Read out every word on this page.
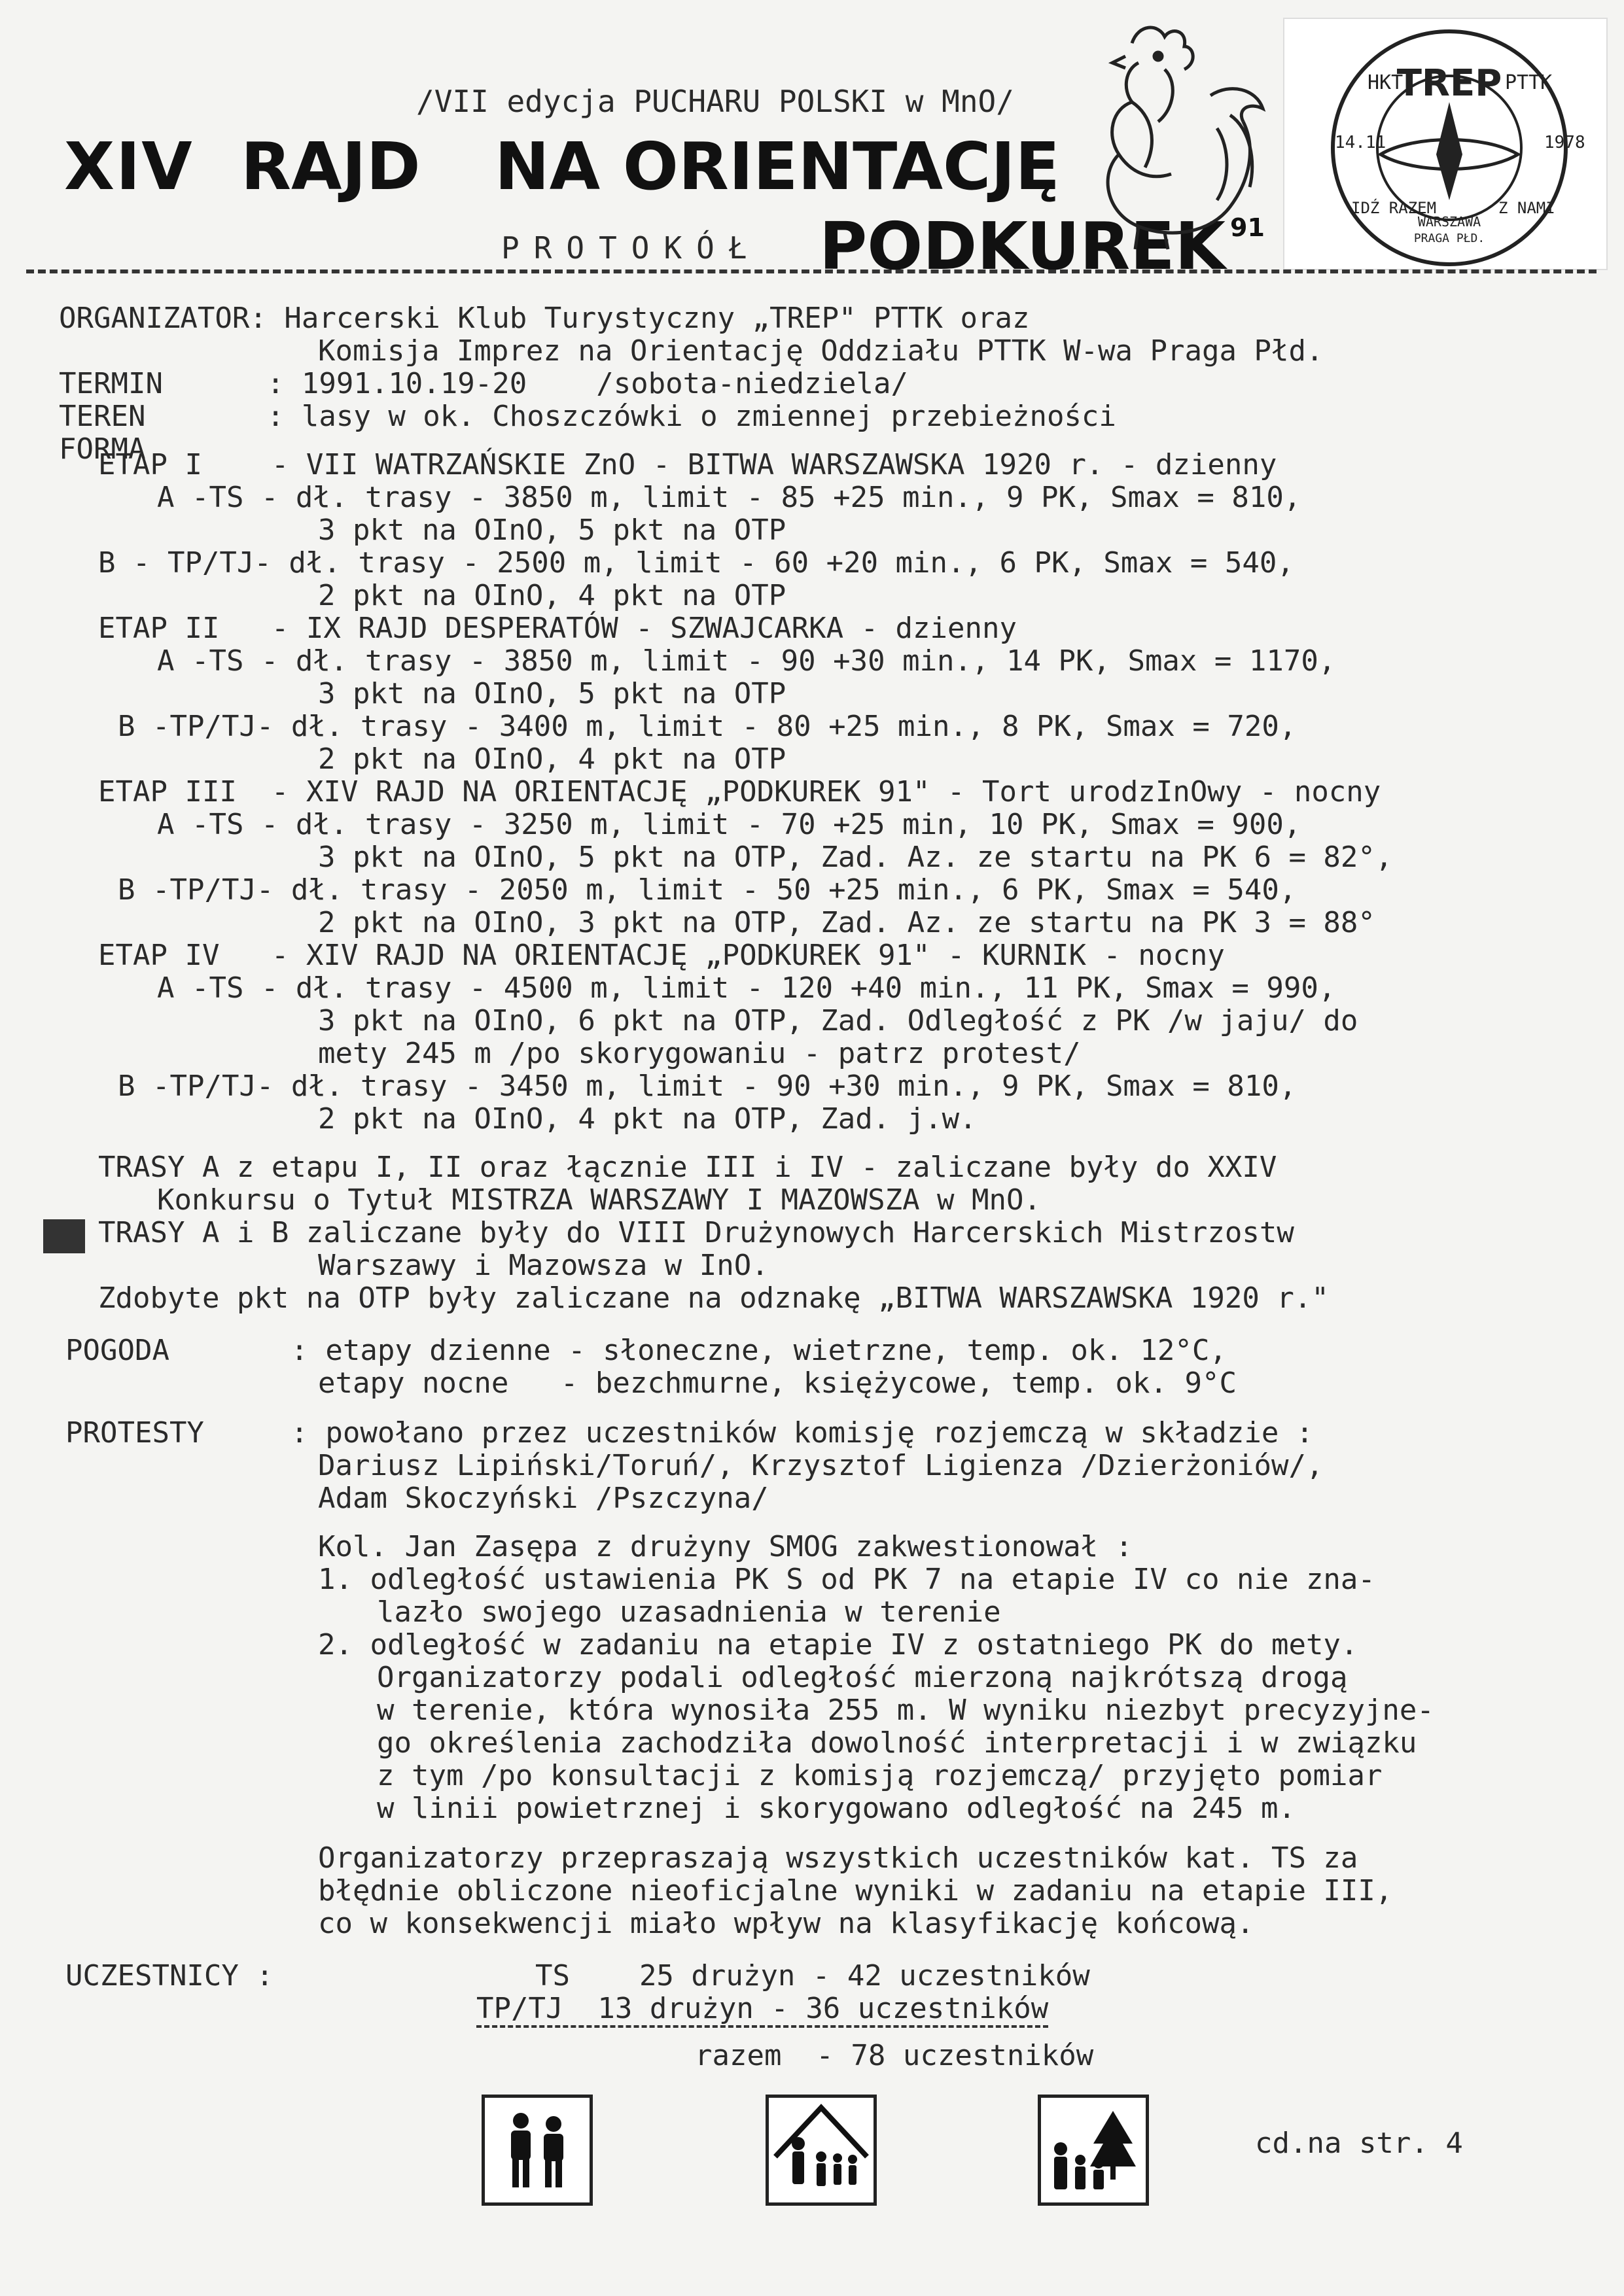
/VII edycja PUCHARU POLSKI w MnO/
XIV RAJD NA ORIENTACJĘ
PROTOKÓŁ PODKUREK 91
TREP
HKT	PTTK
14.11	1978
IDŹ RAZEM	Z NAMI
WARSZAWA
PRAGA PŁD.
ORGANIZATOR: Harcerski Klub Turystyczny „TREP" PTTK oraz
Komisja Imprez na Orientację Oddziału PTTK W-wa Praga Płd.
TERMIN      : 1991.10.19-20    /sobota-niedziela/
TEREN       : lasy w ok. Choszczówki o zmiennej przebieżności
FORMA
ETAP I    - VII WATRZAŃSKIE ZnO - BITWA WARSZAWSKA 1920 r. - dzienny
A -TS - dł. trasy - 3850 m, limit - 85 +25 min., 9 PK, Smax = 810,
3 pkt na OInO, 5 pkt na OTP
B - TP/TJ- dł. trasy - 2500 m, limit - 60 +20 min., 6 PK, Smax = 540,
2 pkt na OInO, 4 pkt na OTP
ETAP II   - IX RAJD DESPERATÓW - SZWAJCARKA - dzienny
A -TS - dł. trasy - 3850 m, limit - 90 +30 min., 14 PK, Smax = 1170,
3 pkt na OInO, 5 pkt na OTP
B -TP/TJ- dł. trasy - 3400 m, limit - 80 +25 min., 8 PK, Smax = 720,
2 pkt na OInO, 4 pkt na OTP
ETAP III  - XIV RAJD NA ORIENTACJĘ „PODKUREK 91" - Tort urodzInOwy - nocny
A -TS - dł. trasy - 3250 m, limit - 70 +25 min, 10 PK, Smax = 900,
3 pkt na OInO, 5 pkt na OTP, Zad. Az. ze startu na PK 6 = 82°,
B -TP/TJ- dł. trasy - 2050 m, limit - 50 +25 min., 6 PK, Smax = 540,
2 pkt na OInO, 3 pkt na OTP, Zad. Az. ze startu na PK 3 = 88°
ETAP IV   - XIV RAJD NA ORIENTACJĘ „PODKUREK 91" - KURNIK - nocny
A -TS - dł. trasy - 4500 m, limit - 120 +40 min., 11 PK, Smax = 990,
3 pkt na OInO, 6 pkt na OTP, Zad. Odległość z PK /w jaju/ do
mety 245 m /po skorygowaniu - patrz protest/
B -TP/TJ- dł. trasy - 3450 m, limit - 90 +30 min., 9 PK, Smax = 810,
2 pkt na OInO, 4 pkt na OTP, Zad. j.w.
TRASY A z etapu I, II oraz łącznie III i IV - zaliczane były do XXIV
Konkursu o Tytuł MISTRZA WARSZAWY I MAZOWSZA w MnO.
TRASY A i B zaliczane były do VIII Drużynowych Harcerskich Mistrzostw
Warszawy i Mazowsza w InO.
Zdobyte pkt na OTP były zaliczane na odznakę „BITWA WARSZAWSKA 1920 r."
POGODA       : etapy dzienne - słoneczne, wietrzne, temp. ok. 12°C,
etapy nocne   - bezchmurne, księżycowe, temp. ok. 9°C
PROTESTY     : powołano przez uczestników komisję rozjemczą w składzie :
Dariusz Lipiński/Toruń/, Krzysztof Ligienza /Dzierżoniów/,
Adam Skoczyński /Pszczyna/
Kol. Jan Zasępa z drużyny SMOG zakwestionował :
1. odległość ustawienia PK S od PK 7 na etapie IV co nie zna-
lazło swojego uzasadnienia w terenie
2. odległość w zadaniu na etapie IV z ostatniego PK do mety.
Organizatorzy podali odległość mierzoną najkrótszą drogą
w terenie, która wynosiła 255 m. W wyniku niezbyt precyzyjne-
go określenia zachodziła dowolność interpretacji i w związku
z tym /po konsultacji z komisją rozjemczą/ przyjęto pomiar
w linii powietrznej i skorygowano odległość na 245 m.
Organizatorzy przepraszają wszystkich uczestników kat. TS za
błędnie obliczone nieoficjalne wyniki w zadaniu na etapie III,
co w konsekwencji miało wpływ na klasyfikację końcową.
UCZESTNICY :	TS    25 drużyn - 42 uczestników
TP/TJ  13 drużyn - 36 uczestników
razem  - 78 uczestników
cd.na str. 4
